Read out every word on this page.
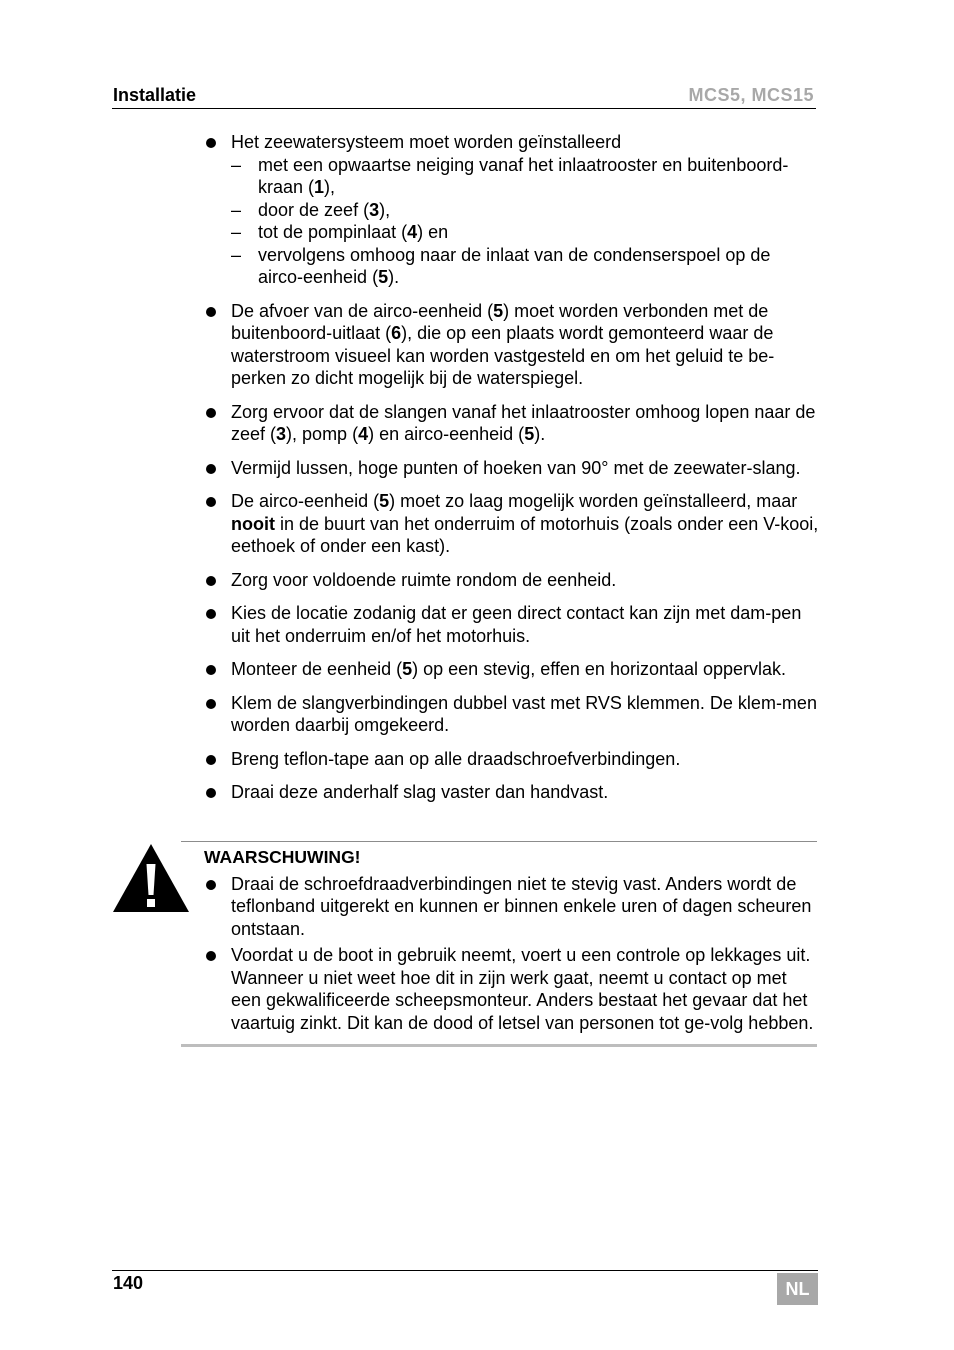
Installatie	MCS5, MCS15
Het zeewatersysteem moet worden geïnstalleerd
– met een opwaartse neiging vanaf het inlaatrooster en buitenboord-kraan (1),
– door de zeef (3),
– tot de pompinlaat (4) en
– vervolgens omhoog naar de inlaat van de condenserspoel op de airco-eenheid (5).
De afvoer van de airco-eenheid (5) moet worden verbonden met de buitenboord-uitlaat (6), die op een plaats wordt gemonteerd waar de waterstroom visueel kan worden vastgesteld en om het geluid te be-perken zo dicht mogelijk bij de waterspiegel.
Zorg ervoor dat de slangen vanaf het inlaatrooster omhoog lopen naar de zeef (3), pomp (4) en airco-eenheid (5).
Vermijd lussen, hoge punten of hoeken van 90° met de zeewater-slang.
De airco-eenheid (5) moet zo laag mogelijk worden geïnstalleerd, maar nooit in de buurt van het onderruim of motorhuis (zoals onder een V-kooi, eethoek of onder een kast).
Zorg voor voldoende ruimte rondom de eenheid.
Kies de locatie zodanig dat er geen direct contact kan zijn met dam-pen uit het onderruim en/of het motorhuis.
Monteer de eenheid (5) op een stevig, effen en horizontaal oppervlak.
Klem de slangverbindingen dubbel vast met RVS klemmen. De klem-men worden daarbij omgekeerd.
Breng teflon-tape aan op alle draadschroefverbindingen.
Draai deze anderhalf slag vaster dan handvast.
WAARSCHUWING!
Draai de schroefdraadverbindingen niet te stevig vast. Anders wordt de teflonband uitgerekt en kunnen er binnen enkele uren of dagen scheuren ontstaan.
Voordat u de boot in gebruik neemt, voert u een controle op lekkages uit. Wanneer u niet weet hoe dit in zijn werk gaat, neemt u contact op met een gekwalificeerde scheepsmonteur. Anders bestaat het gevaar dat het vaartuig zinkt. Dit kan de dood of letsel van personen tot ge-volg hebben.
140	NL
